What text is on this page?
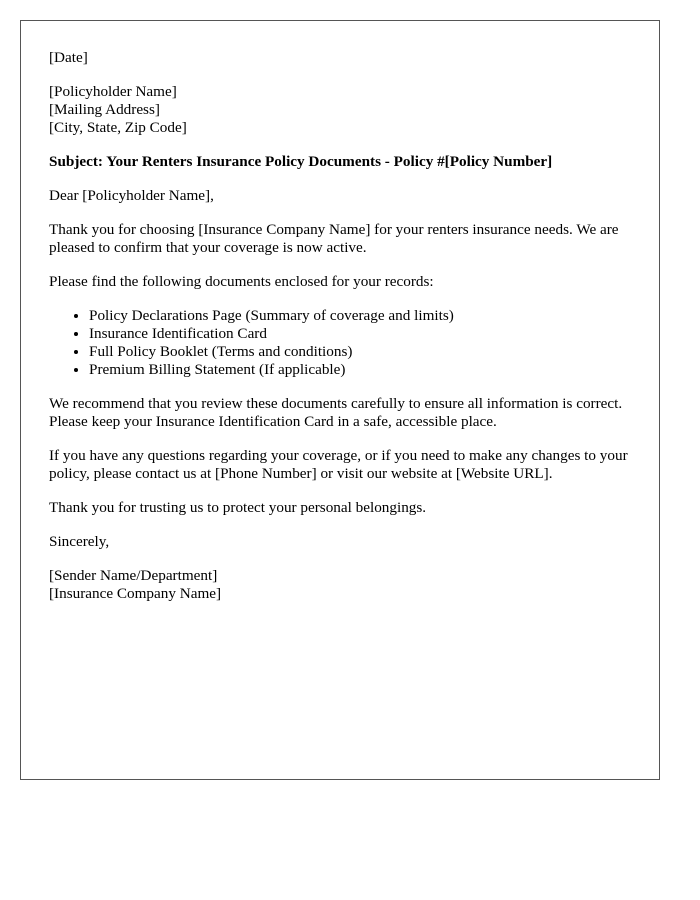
[Date]

[Policyholder Name]
[Mailing Address]
[City, State, Zip Code]

Subject: Your Renters Insurance Policy Documents - Policy #[Policy Number]

Dear [Policyholder Name],

Thank you for choosing [Insurance Company Name] for your renters insurance needs. We are pleased to confirm that your coverage is now active.

Please find the following documents enclosed for your records:

• Policy Declarations Page (Summary of coverage and limits)
• Insurance Identification Card
• Full Policy Booklet (Terms and conditions)
• Premium Billing Statement (If applicable)

We recommend that you review these documents carefully to ensure all information is correct. Please keep your Insurance Identification Card in a safe, accessible place.

If you have any questions regarding your coverage, or if you need to make any changes to your policy, please contact us at [Phone Number] or visit our website at [Website URL].

Thank you for trusting us to protect your personal belongings.

Sincerely,

[Sender Name/Department]
[Insurance Company Name]
